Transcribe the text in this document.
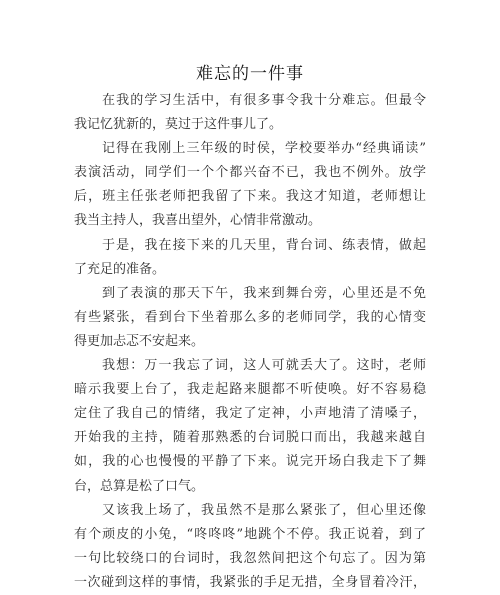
难忘的一件事
在我的学习生活中，有很多事令我十分难忘。但最令
我记忆犹新的，莫过于这件事儿了。
记得在我刚上三年级的时侯，学校要举办“经典诵读”
表演活动，同学们一个个都兴奋不已，我也不例外。放学
后，班主任张老师把我留了下来。我这才知道，老师想让
我当主持人，我喜出望外，心情非常激动。
于是，我在接下来的几天里，背台词、练表情，做起
了充足的准备。
到了表演的那天下午，我来到舞台旁，心里还是不免
有些紧张，看到台下坐着那么多的老师同学，我的心情变
得更加忐忑不安起来。
我想：万一我忘了词，这人可就丢大了。这时，老师
暗示我要上台了，我走起路来腿都不听使唤。好不容易稳
定住了我自己的情绪，我定了定神，小声地清了清嗓子，
开始我的主持，随着那熟悉的台词脱口而出，我越来越自
如，我的心也慢慢的平静了下来。说完开场白我走下了舞
台，总算是松了口气。
又该我上场了，我虽然不是那么紧张了，但心里还像
有个顽皮的小兔，“咚咚咚”地跳个不停。我正说着，到了
一句比较绕口的台词时，我忽然间把这个句忘了。因为第
一次碰到这样的事情，我紧张的手足无措，全身冒着冷汗，
